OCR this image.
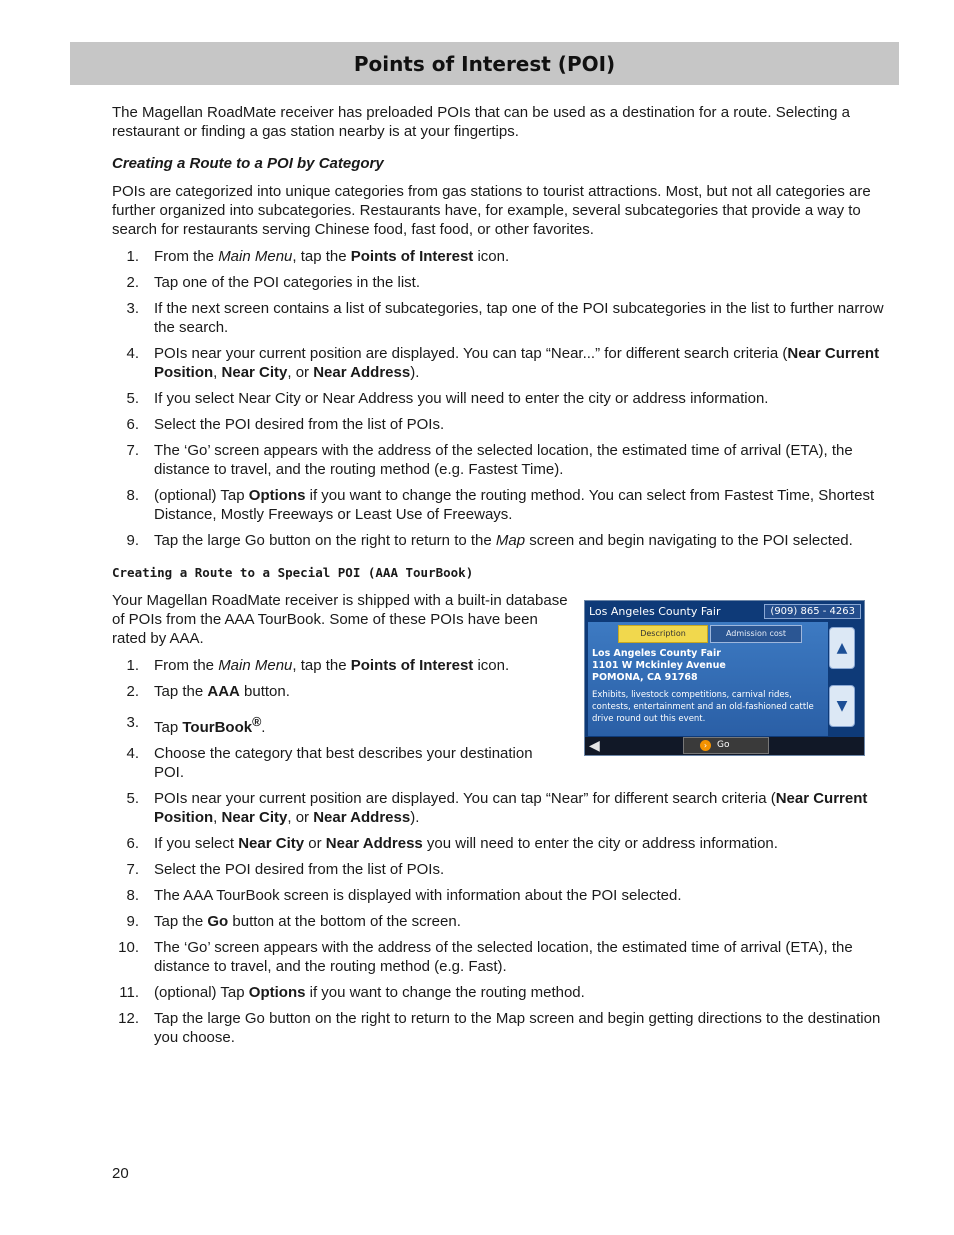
Points of Interest (POI)

The Magellan RoadMate receiver has preloaded POIs that can be used as a destination for a route. Selecting a restaurant or finding a gas station nearby is at your fingertips.

Creating a Route to a POI by Category

POIs are categorized into unique categories from gas stations to tourist attractions. Most, but not all categories are further organized into subcategories. Restaurants have, for example, several subcategories that provide a way to search for restaurants serving Chinese food, fast food, or other favorites.

1. From the Main Menu, tap the Points of Interest icon.
2. Tap one of the POI categories in the list.
3. If the next screen contains a list of subcategories, tap one of the POI subcategories in the list to further narrow the search.
4. POIs near your current position are displayed. You can tap “Near...” for different search criteria (Near Current Position, Near City, or Near Address).
5. If you select Near City or Near Address you will need to enter the city or address information.
6. Select the POI desired from the list of POIs.
7. The ‘Go’ screen appears with the address of the selected location, the estimated time of arrival (ETA), the distance to travel, and the routing method (e.g. Fastest Time).
8. (optional) Tap Options if you want to change the routing method. You can select from Fastest Time, Shortest Distance, Mostly Freeways or Least Use of Freeways.
9. Tap the large Go button on the right to return to the Map screen and begin navigating to the POI selected.

Creating a Route to a Special POI (AAA TourBook)

Your Magellan RoadMate receiver is shipped with a built-in database of POIs from the AAA TourBook. Some of these POIs have been rated by AAA.

1. From the Main Menu, tap the Points of Interest icon.
2. Tap the AAA button.
3. Tap TourBook®.
4. Choose the category that best describes your destination POI.
5. POIs near your current position are displayed. You can tap “Near” for different search criteria (Near Current Position, Near City, or Near Address).
6. If you select Near City or Near Address you will need to enter the city or address information.
7. Select the POI desired from the list of POIs.
8. The AAA TourBook screen is displayed with information about the POI selected.
9. Tap the Go button at the bottom of the screen.
10. The ‘Go’ screen appears with the address of the selected location, the estimated time of arrival (ETA), the distance to travel, and the routing method (e.g. Fast).
11. (optional) Tap Options if you want to change the routing method.
12. Tap the large Go button on the right to return to the Map screen and begin getting directions to the destination you choose.
Los Angeles County Fair	(909) 865 - 4263
Description	Admission cost
Los Angeles County Fair
1101 W Mckinley Avenue
POMONA, CA 91768
Exhibits, livestock competitions, carnival rides, contests, entertainment and an old-fashioned cattle drive round out this event.
▲
▼
◀	› Go
20
